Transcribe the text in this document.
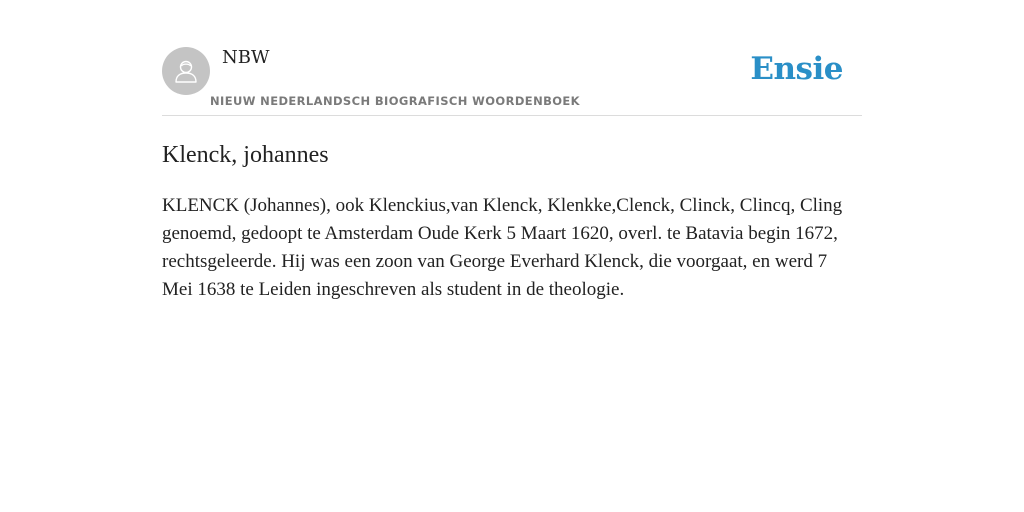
NBW
NIEUW NEDERLANDSCH BIOGRAFISCH WOORDENBOEK
Ensie
Klenck, johannes

KLENCK (Johannes), ook Klenckius,van Klenck, Klenkke,Clenck, Clinck, Clincq, Cling genoemd, gedoopt te Amsterdam Oude Kerk 5 Maart 1620, overl. te Batavia begin 1672, rechtsgeleerde. Hij was een zoon van George Everhard Klenck, die voorgaat, en werd 7 Mei 1638 te Leiden ingeschreven als student in de theologie.
